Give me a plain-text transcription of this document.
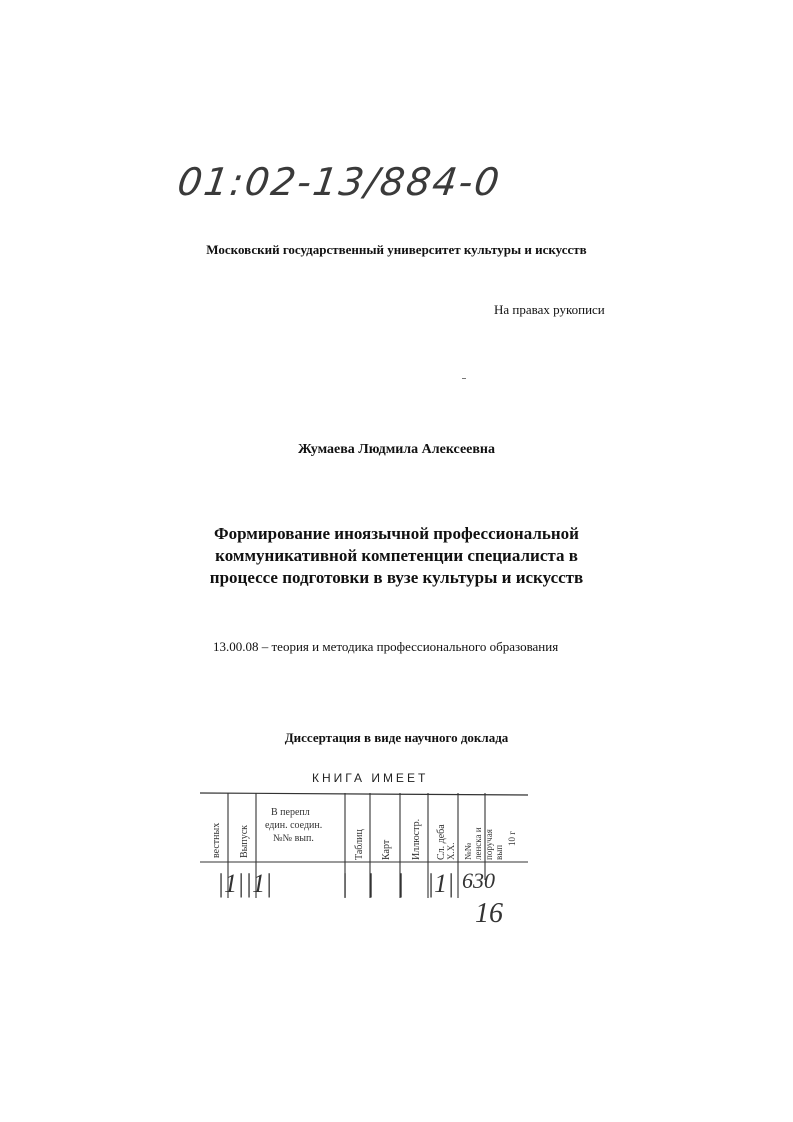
01:02-13/884-0
Московский государственный университет культуры и искусств
На правах рукописи
Жумаева Людмила Алексеевна
Формирование иноязычной профессиональной
коммуникативной компетенции специалиста в
процессе подготовки в вузе культуры и искусств
13.00.08 – теория и методика профессионального образования
Диссертация в виде научного доклада
КНИГА ИМЕЕТ
вестных Выпуск
В перепл
един. соедин.
№№ вып.	Таблиц Карт Иллюстр. Сл. деба Х.Х. №№ ленска и поручая вып
10 г
|1| |1|	| | | |1| 630
16
